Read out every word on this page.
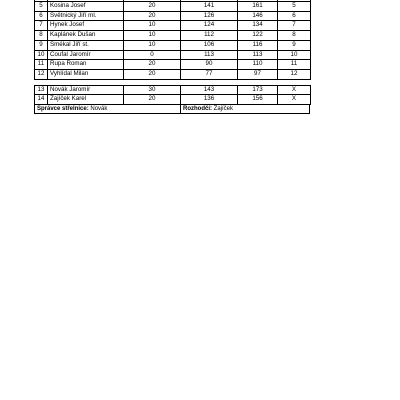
5	Kosina Josef	20	141	161	5
6	Světnický Jiří ml.	20	126	146	6
7	Hynek Josef	10	124	134	7
8	Kaplánek Dušan	10	112	122	8
9	Šmékal Jiří st.	10	106	116	9
10	Coufal Jaromír	0	113	113	10
11	Rupa Roman	20	90	110	11
12	Vyhlídal Milan	20	77	97	12
13	Novák Jaromír	30	143	173	X
14	Zajíček Karel	20	136	156	X
Správce střelnice: Novák	Rozhodčí: Zajíček
